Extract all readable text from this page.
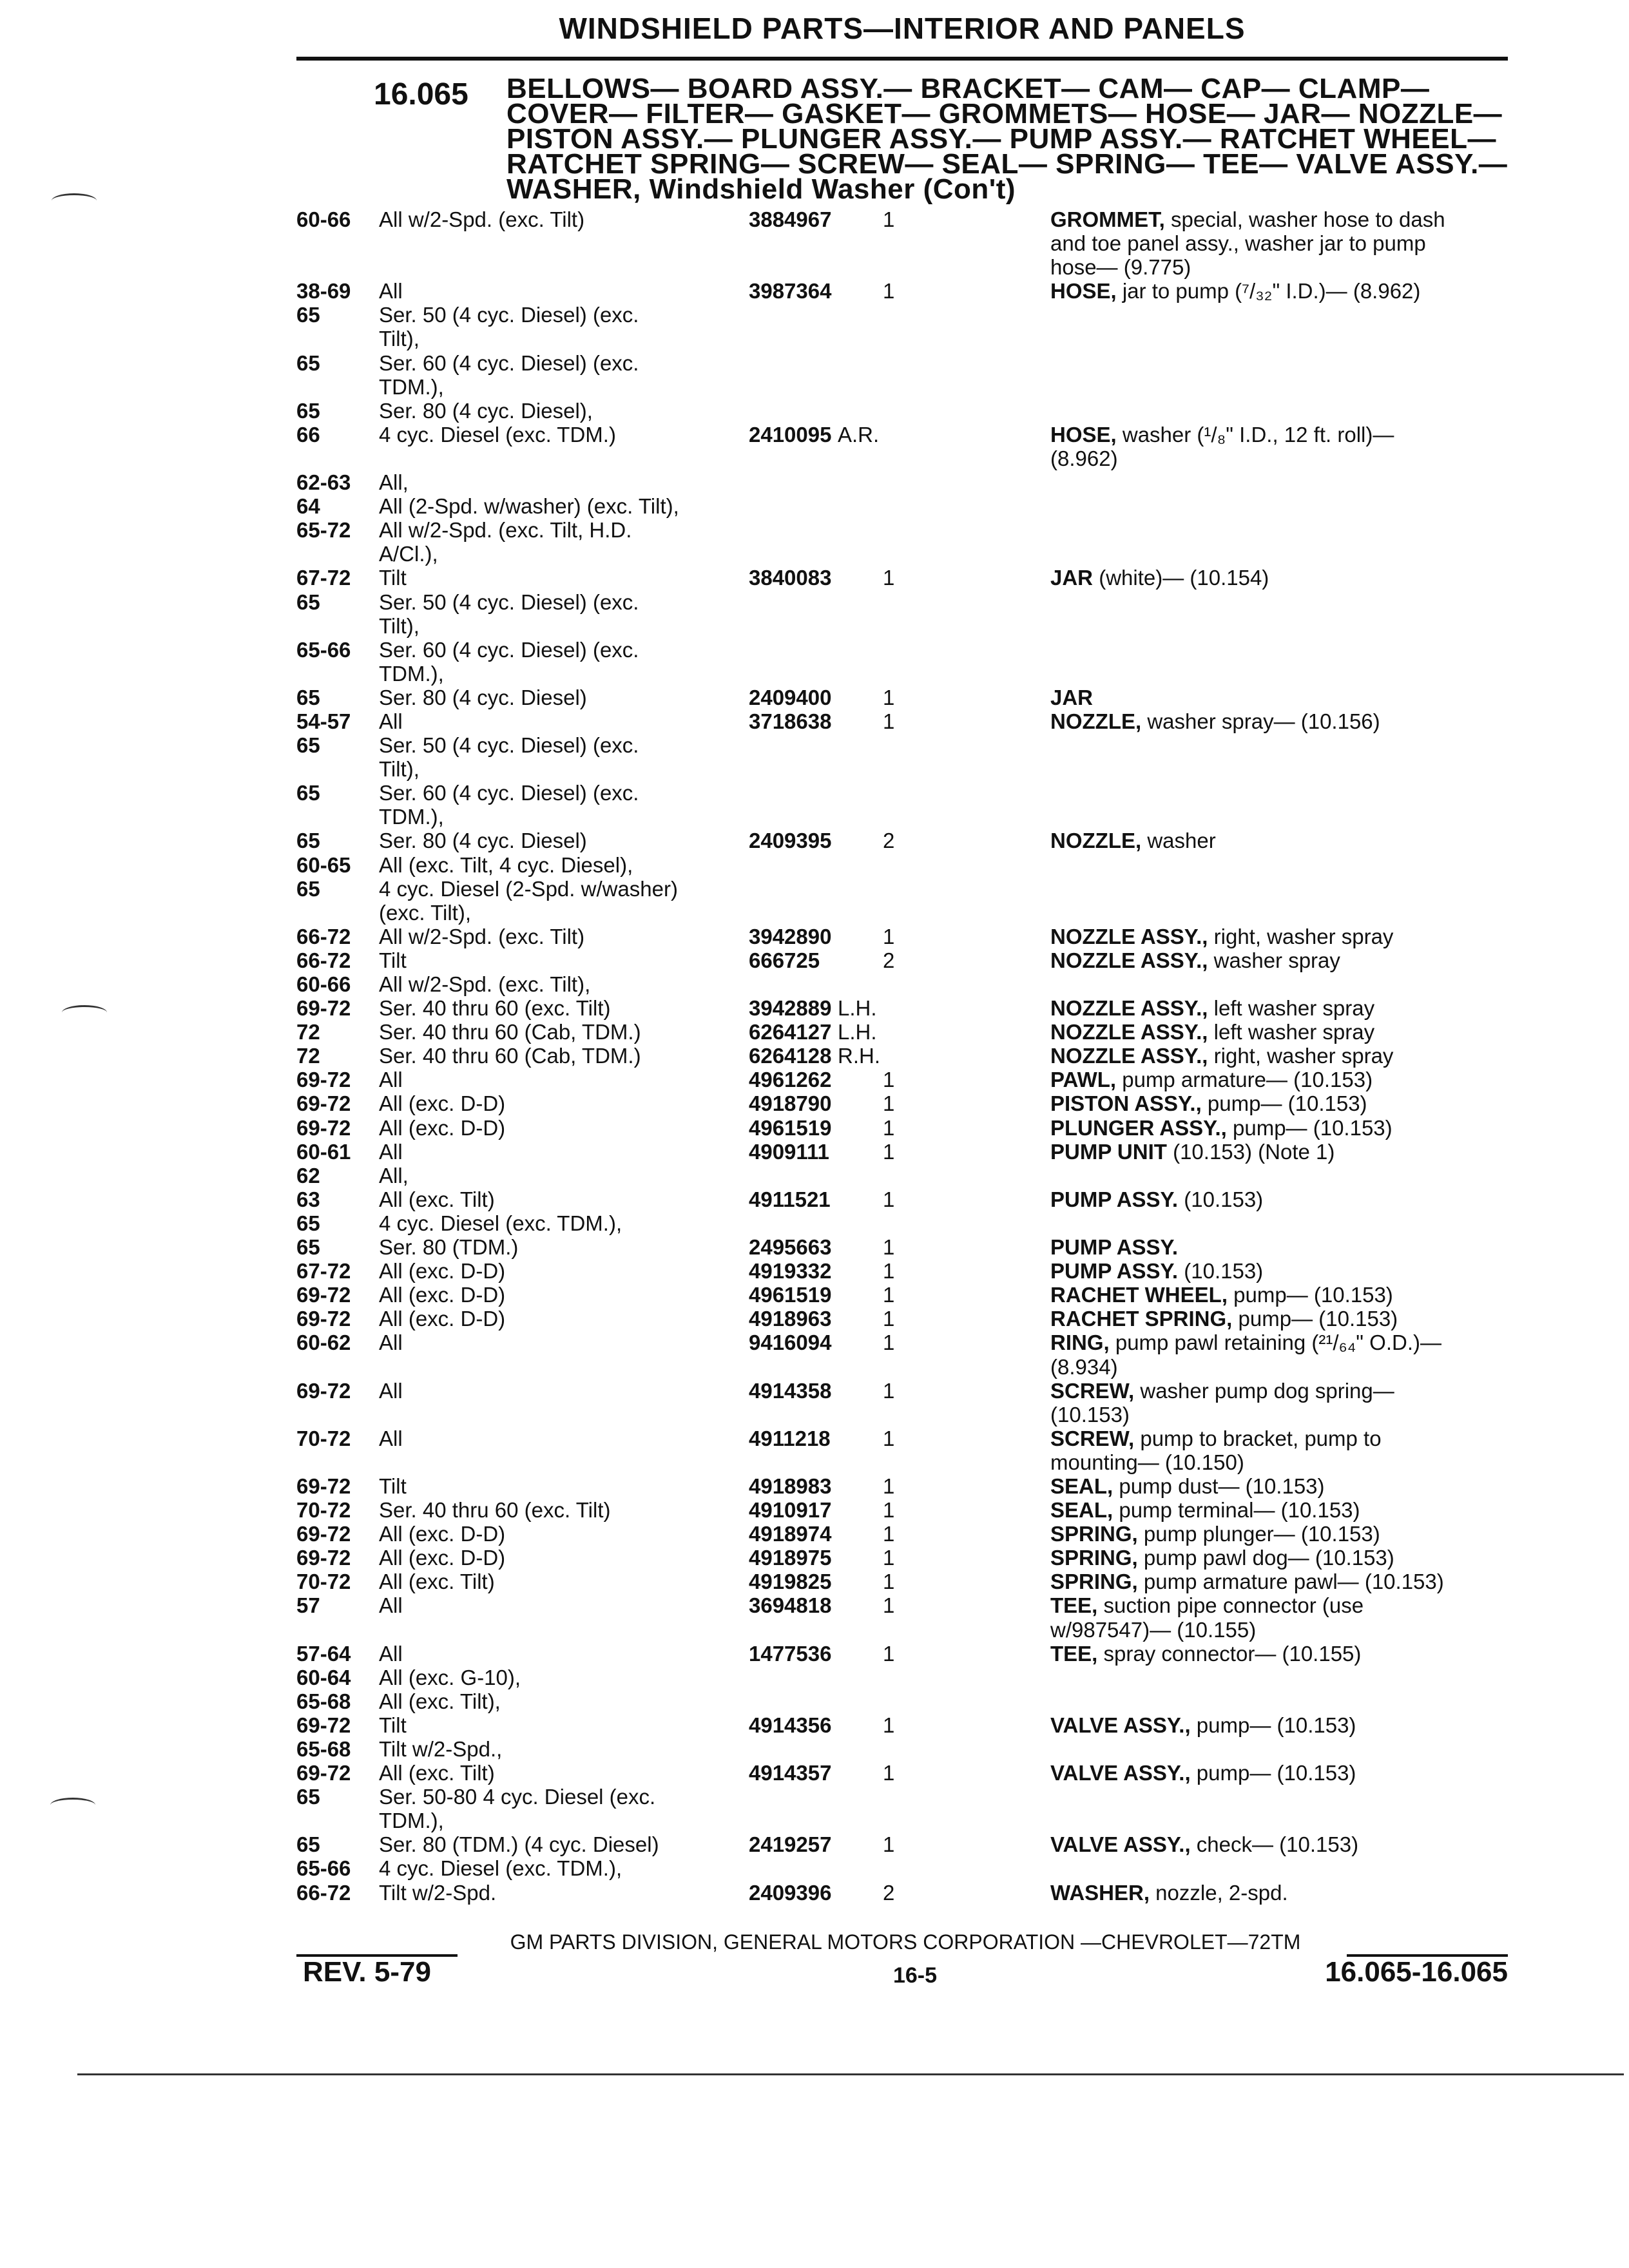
WINDSHIELD PARTS—INTERIOR AND PANELS
16.065 BELLOWS— BOARD ASSY.— BRACKET— CAM— CAP— CLAMP—
COVER— FILTER— GASKET— GROMMETS— HOSE— JAR— NOZZLE—
PISTON ASSY.— PLUNGER ASSY.— PUMP ASSY.— RATCHET WHEEL—
RATCHET SPRING— SCREW— SEAL— SPRING— TEE— VALVE ASSY.—
WASHER, Windshield Washer (Con't)
60-66	All w/2-Spd. (exc. Tilt)	3884967	1	GROMMET, special, washer hose to dash
and toe panel assy., washer jar to pump
hose— (9.775)
38-69	All	3987364	1	HOSE, jar to pump (⁷/₃₂" I.D.)— (8.962)
65	Ser. 50 (4 cyc. Diesel) (exc.
Tilt),
65	Ser. 60 (4 cyc. Diesel) (exc.
TDM.),
65	Ser. 80 (4 cyc. Diesel),
66	4 cyc. Diesel (exc. TDM.)	2410095 A.R.	HOSE, washer (¹/₈" I.D., 12 ft. roll)—
(8.962)
62-63	All,
64	All (2-Spd. w/washer) (exc. Tilt),
65-72	All w/2-Spd. (exc. Tilt, H.D.
A/Cl.),
67-72	Tilt	3840083	1	JAR (white)— (10.154)
65	Ser. 50 (4 cyc. Diesel) (exc.
Tilt),
65-66	Ser. 60 (4 cyc. Diesel) (exc.
TDM.),
65	Ser. 80 (4 cyc. Diesel)	2409400	1	JAR
54-57	All	3718638	1	NOZZLE, washer spray— (10.156)
65	Ser. 50 (4 cyc. Diesel) (exc.
Tilt),
65	Ser. 60 (4 cyc. Diesel) (exc.
TDM.),
65	Ser. 80 (4 cyc. Diesel)	2409395	2	NOZZLE, washer
60-65	All (exc. Tilt, 4 cyc. Diesel),
65	4 cyc. Diesel (2-Spd. w/washer)
(exc. Tilt),
66-72	All w/2-Spd. (exc. Tilt)	3942890	1	NOZZLE ASSY., right, washer spray
66-72	Tilt	666725	2	NOZZLE ASSY., washer spray
60-66	All w/2-Spd. (exc. Tilt),
69-72	Ser. 40 thru 60 (exc. Tilt)	3942889 L.H.	NOZZLE ASSY., left washer spray
72	Ser. 40 thru 60 (Cab, TDM.)	6264127 L.H.	NOZZLE ASSY., left washer spray
72	Ser. 40 thru 60 (Cab, TDM.)	6264128 R.H.	NOZZLE ASSY., right, washer spray
69-72	All	4961262	1	PAWL, pump armature— (10.153)
69-72	All (exc. D-D)	4918790	1	PISTON ASSY., pump— (10.153)
69-72	All (exc. D-D)	4961519	1	PLUNGER ASSY., pump— (10.153)
60-61	All	4909111	1	PUMP UNIT (10.153) (Note 1)
62	All,
63	All (exc. Tilt)	4911521	1	PUMP ASSY. (10.153)
65	4 cyc. Diesel (exc. TDM.),
65	Ser. 80 (TDM.)	2495663	1	PUMP ASSY.
67-72	All (exc. D-D)	4919332	1	PUMP ASSY. (10.153)
69-72	All (exc. D-D)	4961519	1	RACHET WHEEL, pump— (10.153)
69-72	All (exc. D-D)	4918963	1	RACHET SPRING, pump— (10.153)
60-62	All	9416094	1	RING, pump pawl retaining (²¹/₆₄" O.D.)—
(8.934)
69-72	All	4914358	1	SCREW, washer pump dog spring—
(10.153)
70-72	All	4911218	1	SCREW, pump to bracket, pump to
mounting— (10.150)
69-72	Tilt	4918983	1	SEAL, pump dust— (10.153)
70-72	Ser. 40 thru 60 (exc. Tilt)	4910917	1	SEAL, pump terminal— (10.153)
69-72	All (exc. D-D)	4918974	1	SPRING, pump plunger— (10.153)
69-72	All (exc. D-D)	4918975	1	SPRING, pump pawl dog— (10.153)
70-72	All (exc. Tilt)	4919825	1	SPRING, pump armature pawl— (10.153)
57	All	3694818	1	TEE, suction pipe connector (use
w/987547)— (10.155)
57-64	All	1477536	1	TEE, spray connector— (10.155)
60-64	All (exc. G-10),
65-68	All (exc. Tilt),
69-72	Tilt	4914356	1	VALVE ASSY., pump— (10.153)
65-68	Tilt w/2-Spd.,
69-72	All (exc. Tilt)	4914357	1	VALVE ASSY., pump— (10.153)
65	Ser. 50-80 4 cyc. Diesel (exc.
TDM.),
65	Ser. 80 (TDM.) (4 cyc. Diesel)	2419257	1	VALVE ASSY., check— (10.153)
65-66	4 cyc. Diesel (exc. TDM.),
66-72	Tilt w/2-Spd.	2409396	2	WASHER, nozzle, 2-spd.
GM PARTS DIVISION, GENERAL MOTORS CORPORATION —CHEVROLET—72TM
REV. 5-79	16-5	16.065-16.065
